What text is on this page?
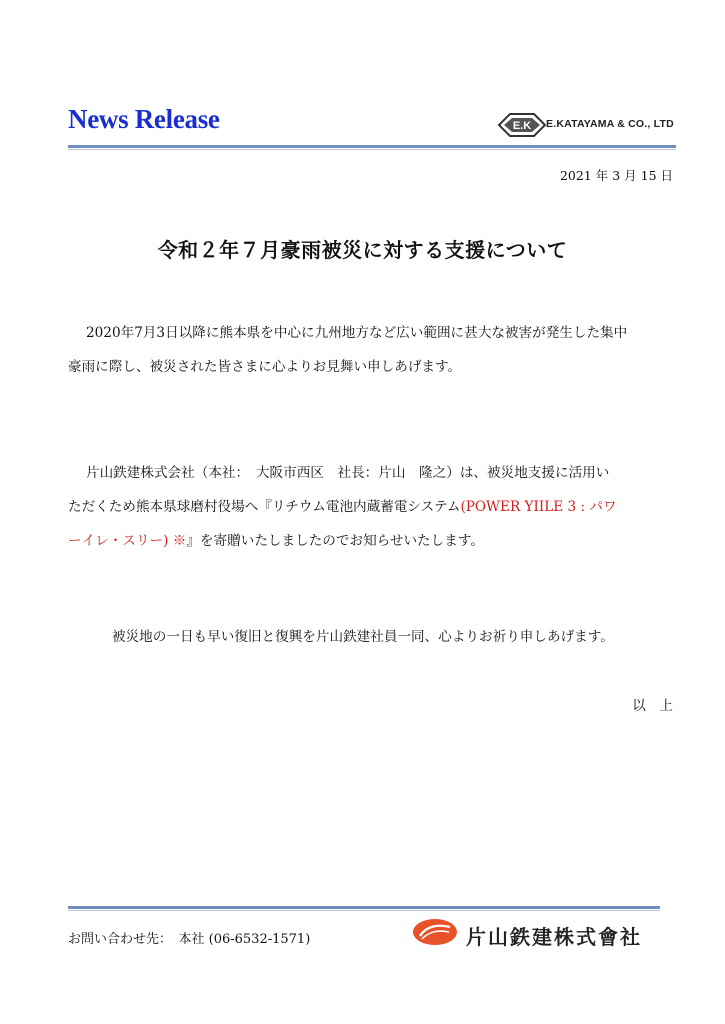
News Release	E.K E.KATAYAMA & CO., LTD
2021 年 3 月 15 日
令和２年７月豪雨被災に対する支援について
2020年7月3日以降に熊本県を中心に九州地方など広い範囲に甚大な被害が発生した集中
豪雨に際し、被災された皆さまに心よりお見舞い申しあげます。
片山鉄建株式会社（本社：　大阪市西区　社長：片山　隆之）は、被災地支援に活用い
ただくため熊本県球磨村役場へ『リチウム電池内蔵蓄電システム(POWER YIILE 3 : パワ
ーイレ・スリー) ※』を寄贈いたしましたのでお知らせいたします。
被災地の一日も早い復旧と復興を片山鉄建社員一同、心よりお祈り申しあげます。
以　上
お問い合わせ先：　本社 (06-6532-1571)	片山鉄建株式會社
